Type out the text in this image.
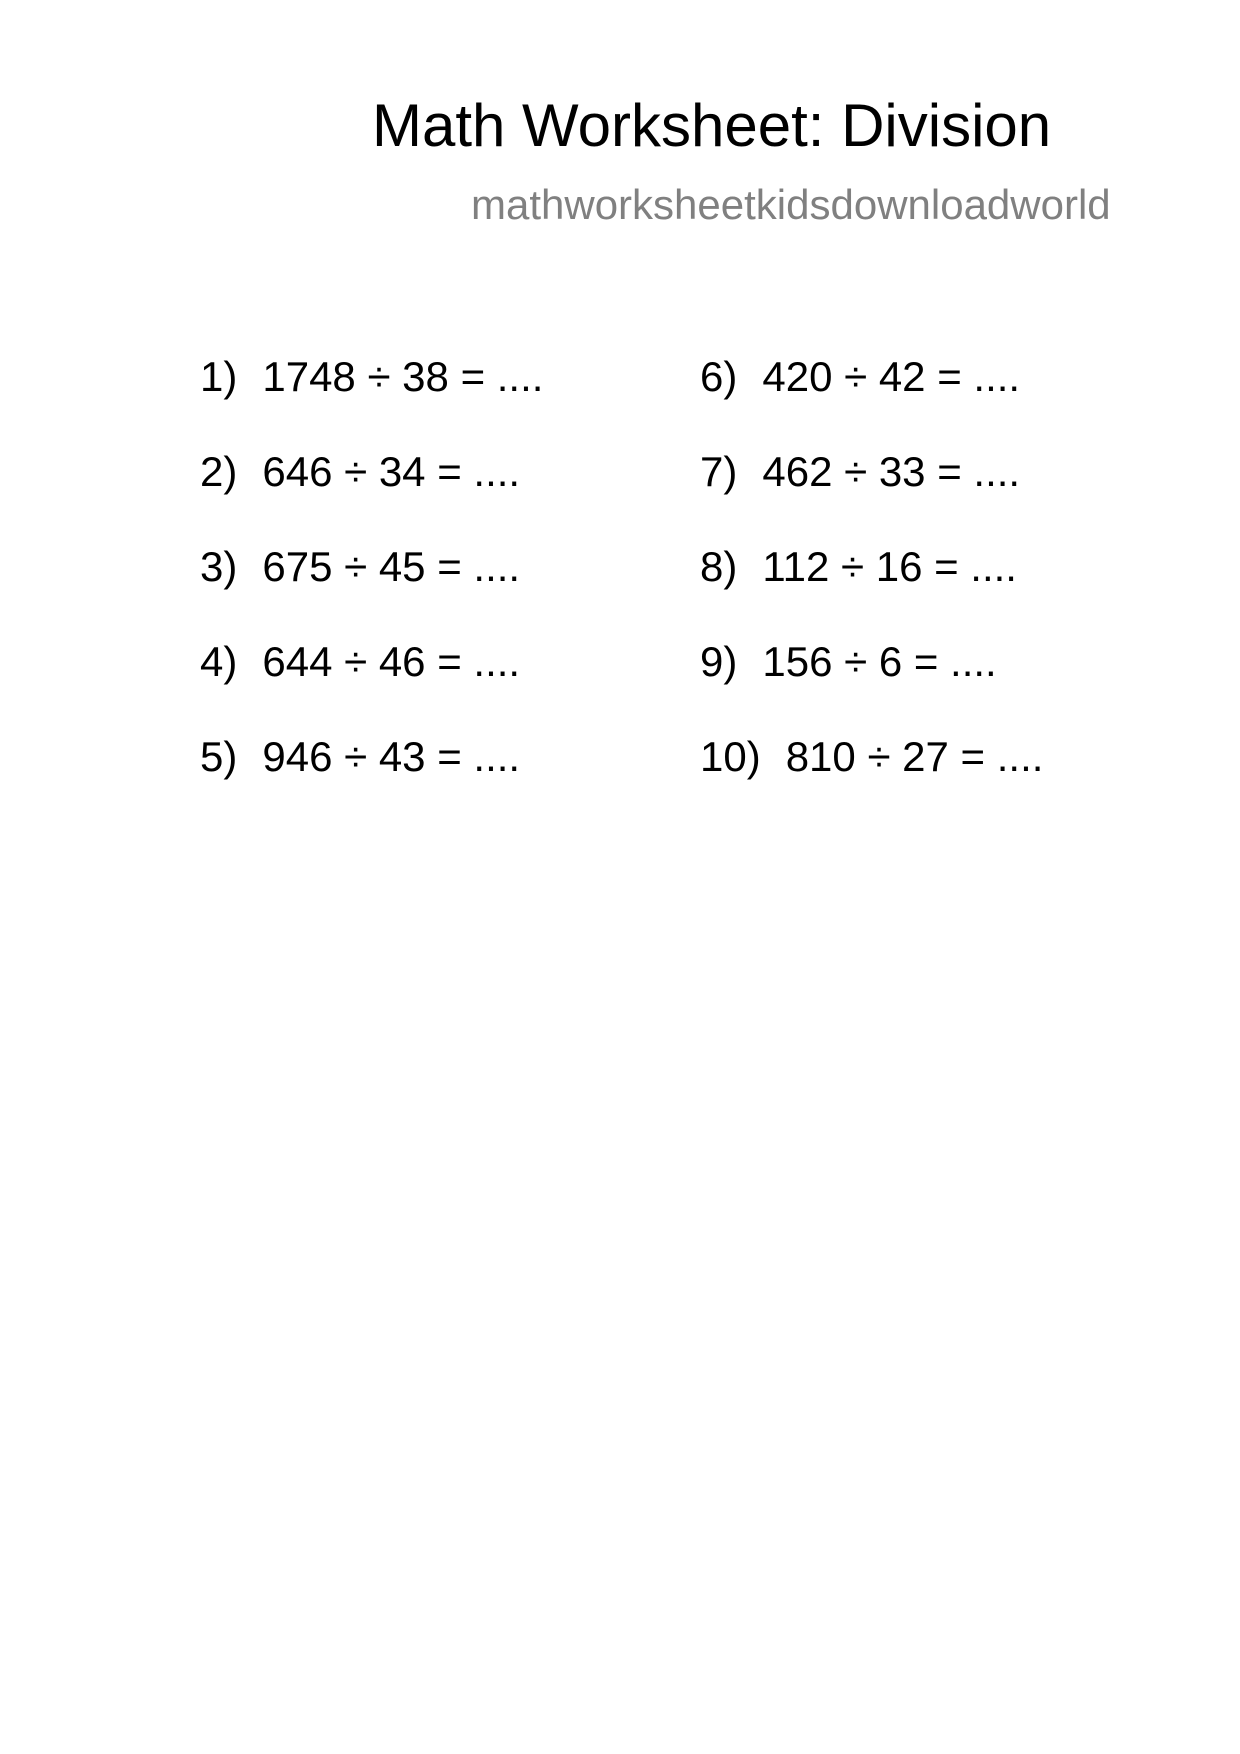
Math Worksheet: Division
mathworksheetkidsdownloadworld
1) 1748 ÷ 38 = ....
2) 646 ÷ 34 = ....
3) 675 ÷ 45 = ....
4) 644 ÷ 46 = ....
5) 946 ÷ 43 = ....
6) 420 ÷ 42 = ....
7) 462 ÷ 33 = ....
8) 112 ÷ 16 = ....
9) 156 ÷ 6 = ....
10) 810 ÷ 27 = ....
